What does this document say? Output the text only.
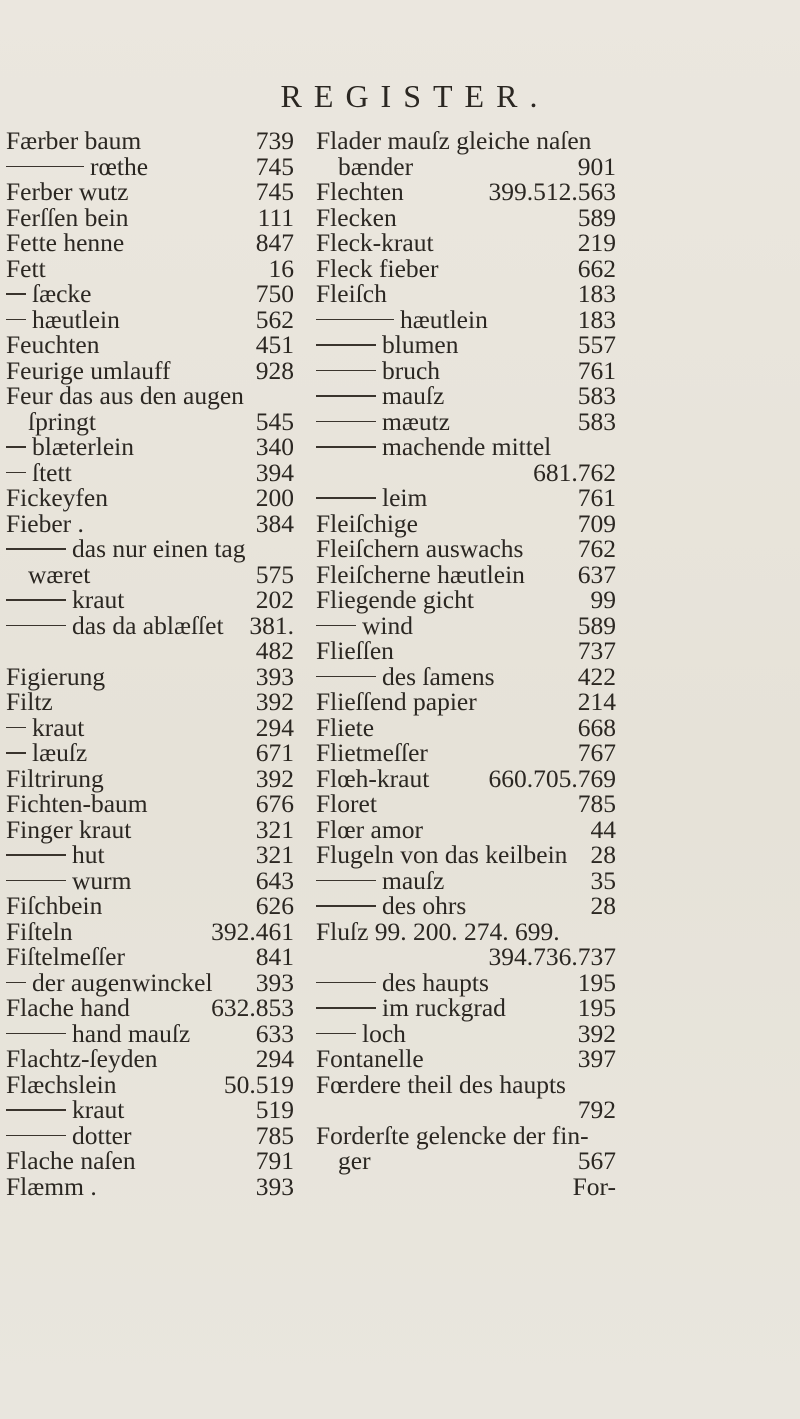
REGISTER.
Færber baum	739
rœthe	745
Ferber wutz	745
Ferſſen bein	111
Fette henne	847
Fett	16
ſæcke	750
hæutlein	562
Feuchten	451
Feurige umlauff	928
Feur das aus den augen
ſpringt	545
blæterlein	340
ſtett	394
Fickeyfen	200
Fieber .	384
das nur einen tag
wæret	575
kraut	202
das da ablæſſet 381.
482
Figierung	393
Filtz	392
kraut	294
læuſz	671
Filtrirung	392
Fichten-baum	676
Finger kraut	321
hut	321
wurm	643
Fiſchbein	626
Fiſteln	392.461
Fiſtelmeſſer	841
der augenwinckel 393
Flache hand	632.853
hand mauſz	633
Flachtz-ſeyden	294
Flæchslein	50.519
kraut	519
dotter	785
Flache naſen	791
Flæmm .	393
Flader mauſz gleiche naſen
bænder	901
Flechten	399.512.563
Flecken	589
Fleck-kraut	219
Fleck fieber	662
Fleiſch	183
hæutlein	183
blumen	557
bruch	761
mauſz	583
mæutz	583
machende mittel
681.762
leim	761
Fleiſchige	709
Fleiſchern auswachs 762
Fleiſcherne hæutlein 637
Fliegende gicht	99
wind	589
Flieſſen	737
des ſamens	422
Flieſſend papier	214
Fliete	668
Flietmeſſer	767
Flœh-kraut 660.705.769
Floret	785
Flœr amor	44
Flugeln von das keilbein 28
mauſz	35
des ohrs	28
Fluſz 99. 200. 274. 699.
394.736.737
des haupts	195
im ruckgrad	195
loch	392
Fontanelle	397
Fœrdere theil des haupts
792
Forderſte gelencke der fin-
ger	567
For-
